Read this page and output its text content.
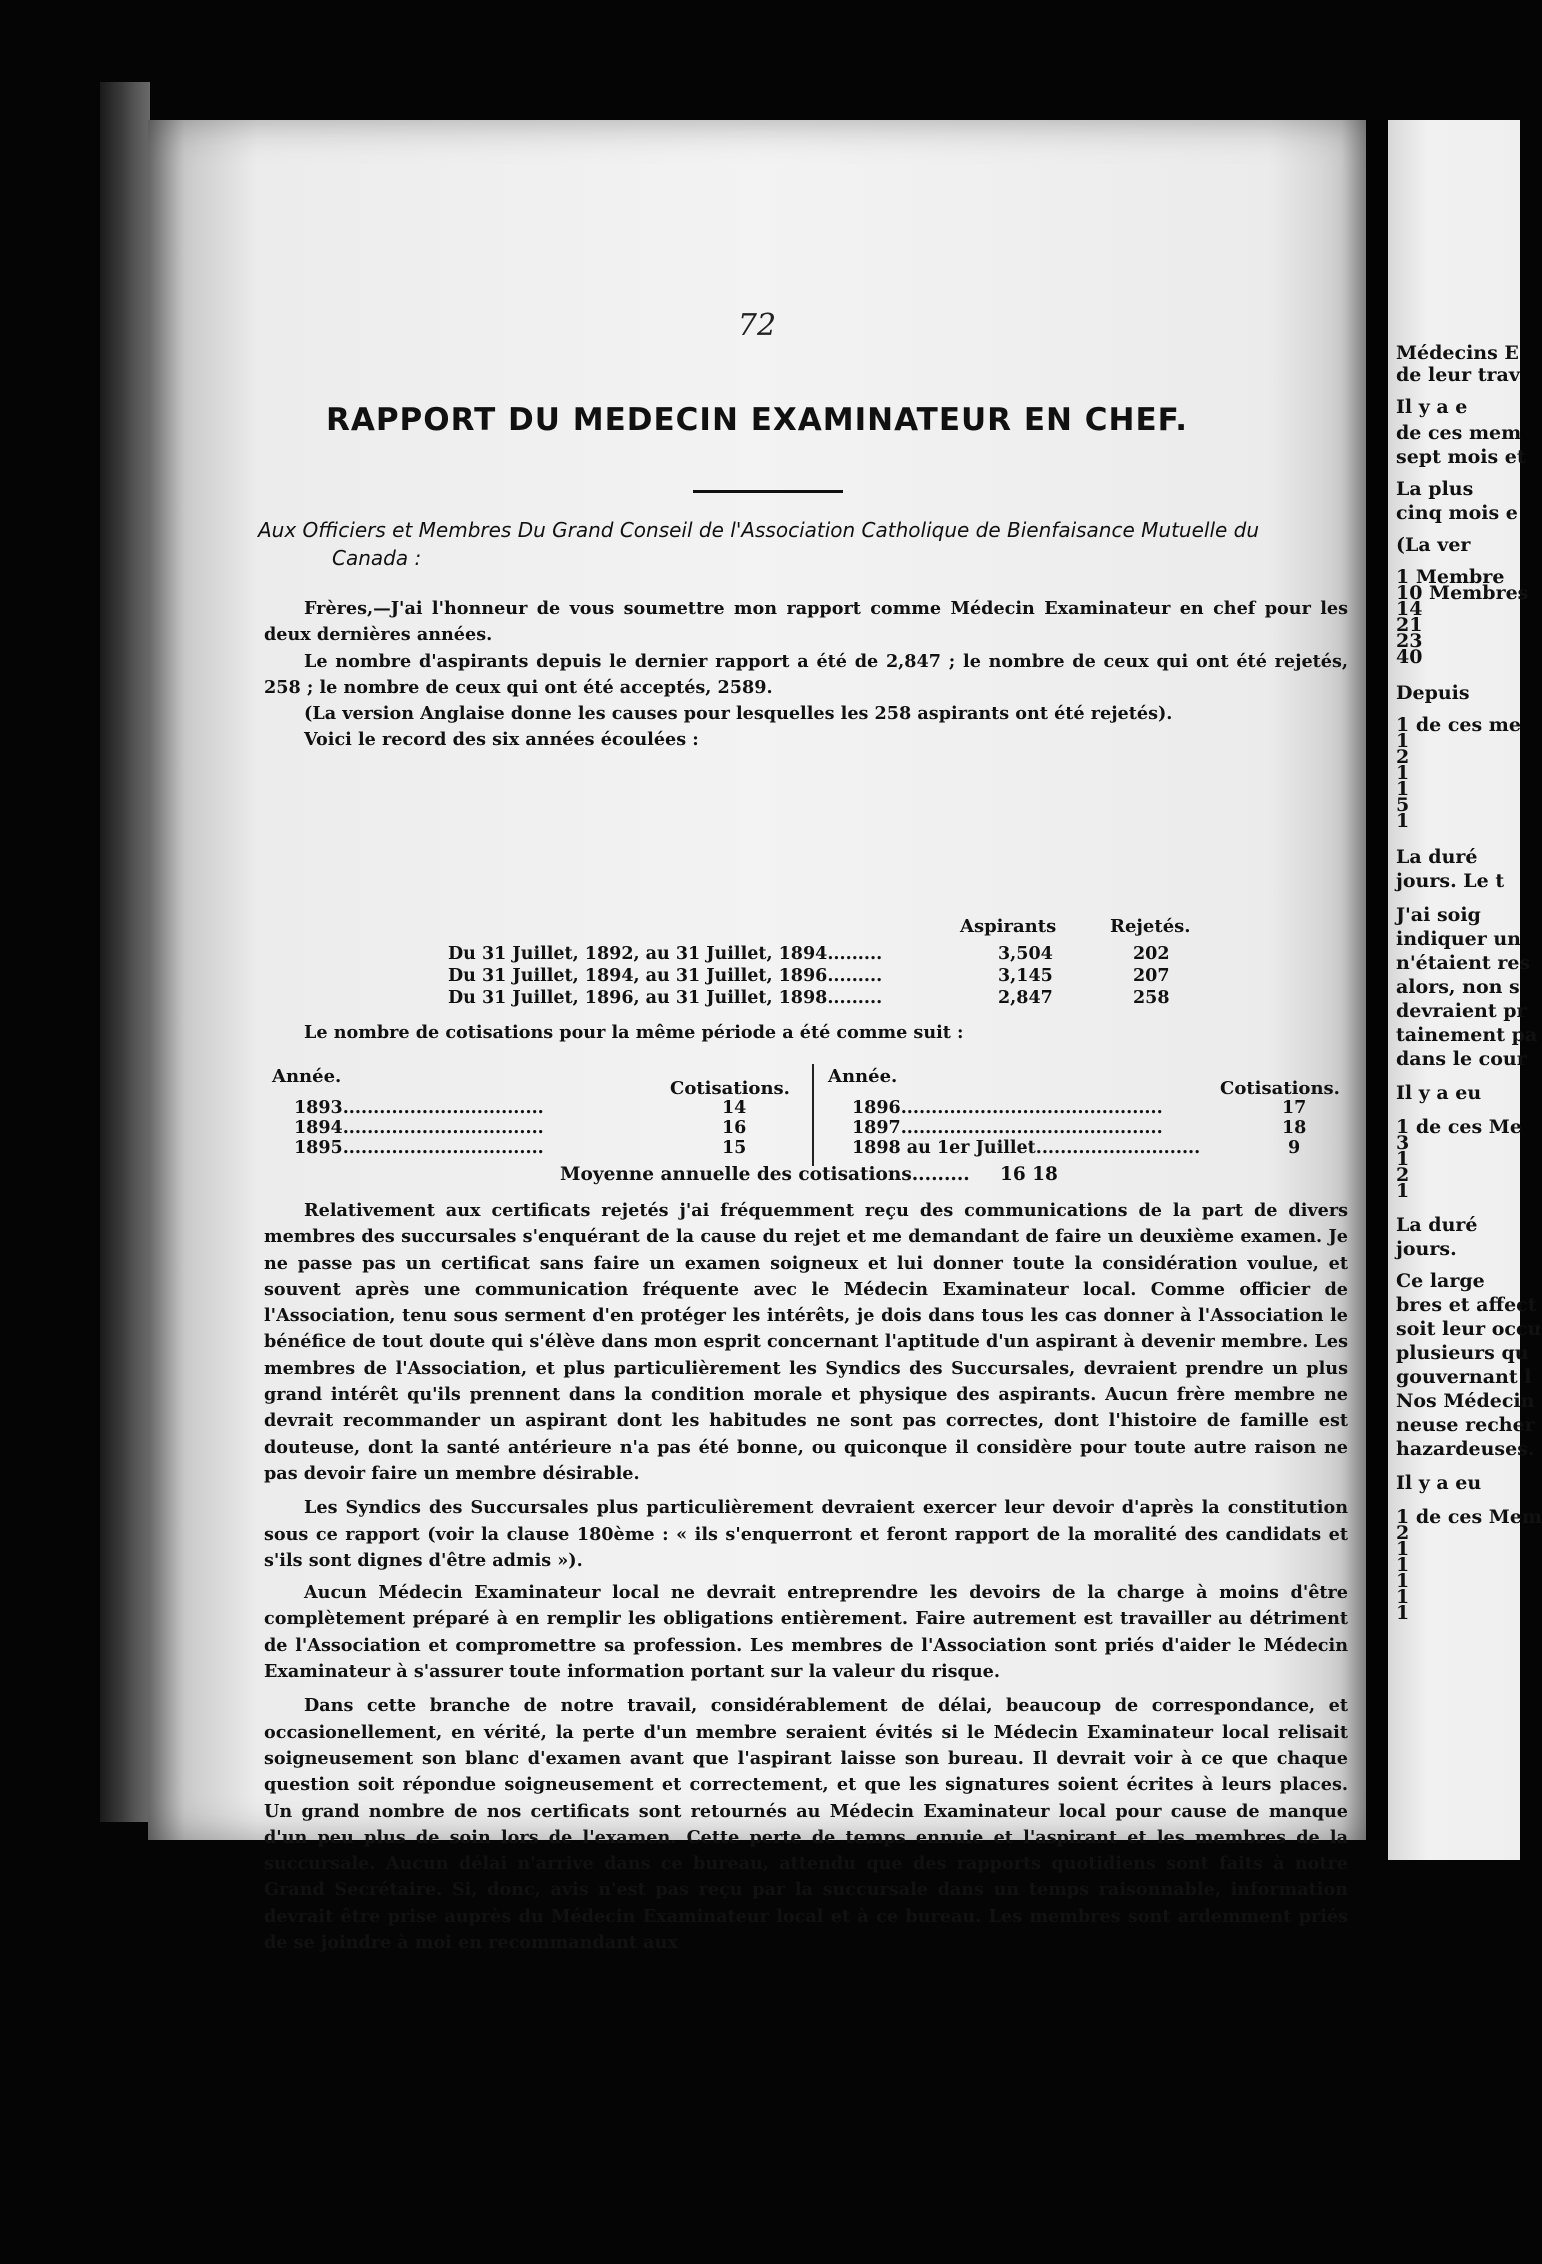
72
RAPPORT DU MEDECIN EXAMINATEUR EN CHEF.
Aux Officiers et Membres Du Grand Conseil de l'Association Catholique de Bienfaisance Mutuelle du
Canada :

Frères,—J'ai l'honneur de vous soumettre mon rapport comme Médecin Examinateur en chef pour les deux dernières années.

Le nombre d'aspirants depuis le dernier rapport a été de 2,847 ; le nombre de ceux qui ont été rejetés, 258 ; le nombre de ceux qui ont été acceptés, 2589.

(La version Anglaise donne les causes pour lesquelles les 258 aspirants ont été rejetés).

Voici le record des six années écoulées :

Aspirants	Rejetés.
Du 31 Juillet, 1892, au 31 Juillet, 1894.........	3,504	202
Du 31 Juillet, 1894, au 31 Juillet, 1896.........	3,145	207
Du 31 Juillet, 1896, au 31 Juillet, 1898.........	2,847	258

Le nombre de cotisations pour la même période a été comme suit :

Année.
Cotisations.
Année.
Cotisations.
1893.................................	14
1894.................................	16
1895.................................	15
1896...........................................	17
1897...........................................	18
1898 au 1er Juillet...........................	9
Moyenne annuelle des cotisations......... 16 18

Relativement aux certificats rejetés j'ai fréquemment reçu des communications de la part de divers membres des succursales s'enquérant de la cause du rejet et me demandant de faire un deuxième examen. Je ne passe pas un certificat sans faire un examen soigneux et lui donner toute la considération voulue, et souvent après une communication fréquente avec le Médecin Examinateur local. Comme officier de l'Association, tenu sous serment d'en protéger les intérêts, je dois dans tous les cas donner à l'Association le bénéfice de tout doute qui s'élève dans mon esprit concernant l'aptitude d'un aspirant à devenir membre. Les membres de l'Association, et plus particulièrement les Syndics des Succursales, devraient prendre un plus grand intérêt qu'ils prennent dans la condition morale et physique des aspirants. Aucun frère membre ne devrait recommander un aspirant dont les habitudes ne sont pas correctes, dont l'histoire de famille est douteuse, dont la santé antérieure n'a pas été bonne, ou quiconque il considère pour toute autre raison ne pas devoir faire un membre désirable.

Les Syndics des Succursales plus particulièrement devraient exercer leur devoir d'après la constitution sous ce rapport (voir la clause 180ème : « ils s'enquerront et feront rapport de la moralité des candidats et s'ils sont dignes d'être admis »).

Aucun Médecin Examinateur local ne devrait entreprendre les devoirs de la charge à moins d'être complètement préparé à en remplir les obligations entièrement. Faire autrement est travailler au détriment de l'Association et compromettre sa profession. Les membres de l'Association sont priés d'aider le Médecin Examinateur à s'assurer toute information portant sur la valeur du risque.

Dans cette branche de notre travail, considérablement de délai, beaucoup de correspondance, et occasionellement, en vérité, la perte d'un membre seraient évités si le Médecin Examinateur local relisait soigneusement son blanc d'examen avant que l'aspirant laisse son bureau. Il devrait voir à ce que chaque question soit répondue soigneusement et correctement, et que les signatures soient écrites à leurs places. Un grand nombre de nos certificats sont retournés au Médecin Examinateur local pour cause de manque d'un peu plus de soin lors de l'examen. Cette perte de temps ennuie et l'aspirant et les membres de la succursale. Aucun délai n'arrive dans ce bureau, attendu que des rapports quotidiens sont faits à notre Grand Secrétaire. Si, donc, avis n'est pas reçu par la succursale dans un temps raisonnable, information devrait être prise auprès du Médecin Examinateur local et à ce bureau. Les membres sont ardemment priés de se joindre à moi en recommandant aux

Médecins E
de leur trav
Il y a e
de ces mem
sept mois et
La plus
cinq mois e
(La ver
1 Membre
10 Membres
14
21
23
40
Depuis
1 de ces me
1
2
1
1
5
1
La duré
jours. Le t
J'ai soig
indiquer un
n'étaient res
alors, non s
devraient pr
tainement pa
dans le cour
Il y a eu
1 de ces Me
3
1
2
1
La duré
jours.
Ce large
bres et affect
soit leur occu
plusieurs qu
gouvernant l
Nos Médecin
neuse recher
hazardeuses.
Il y a eu
1 de ces Mem
2
1
1
1
1
1
